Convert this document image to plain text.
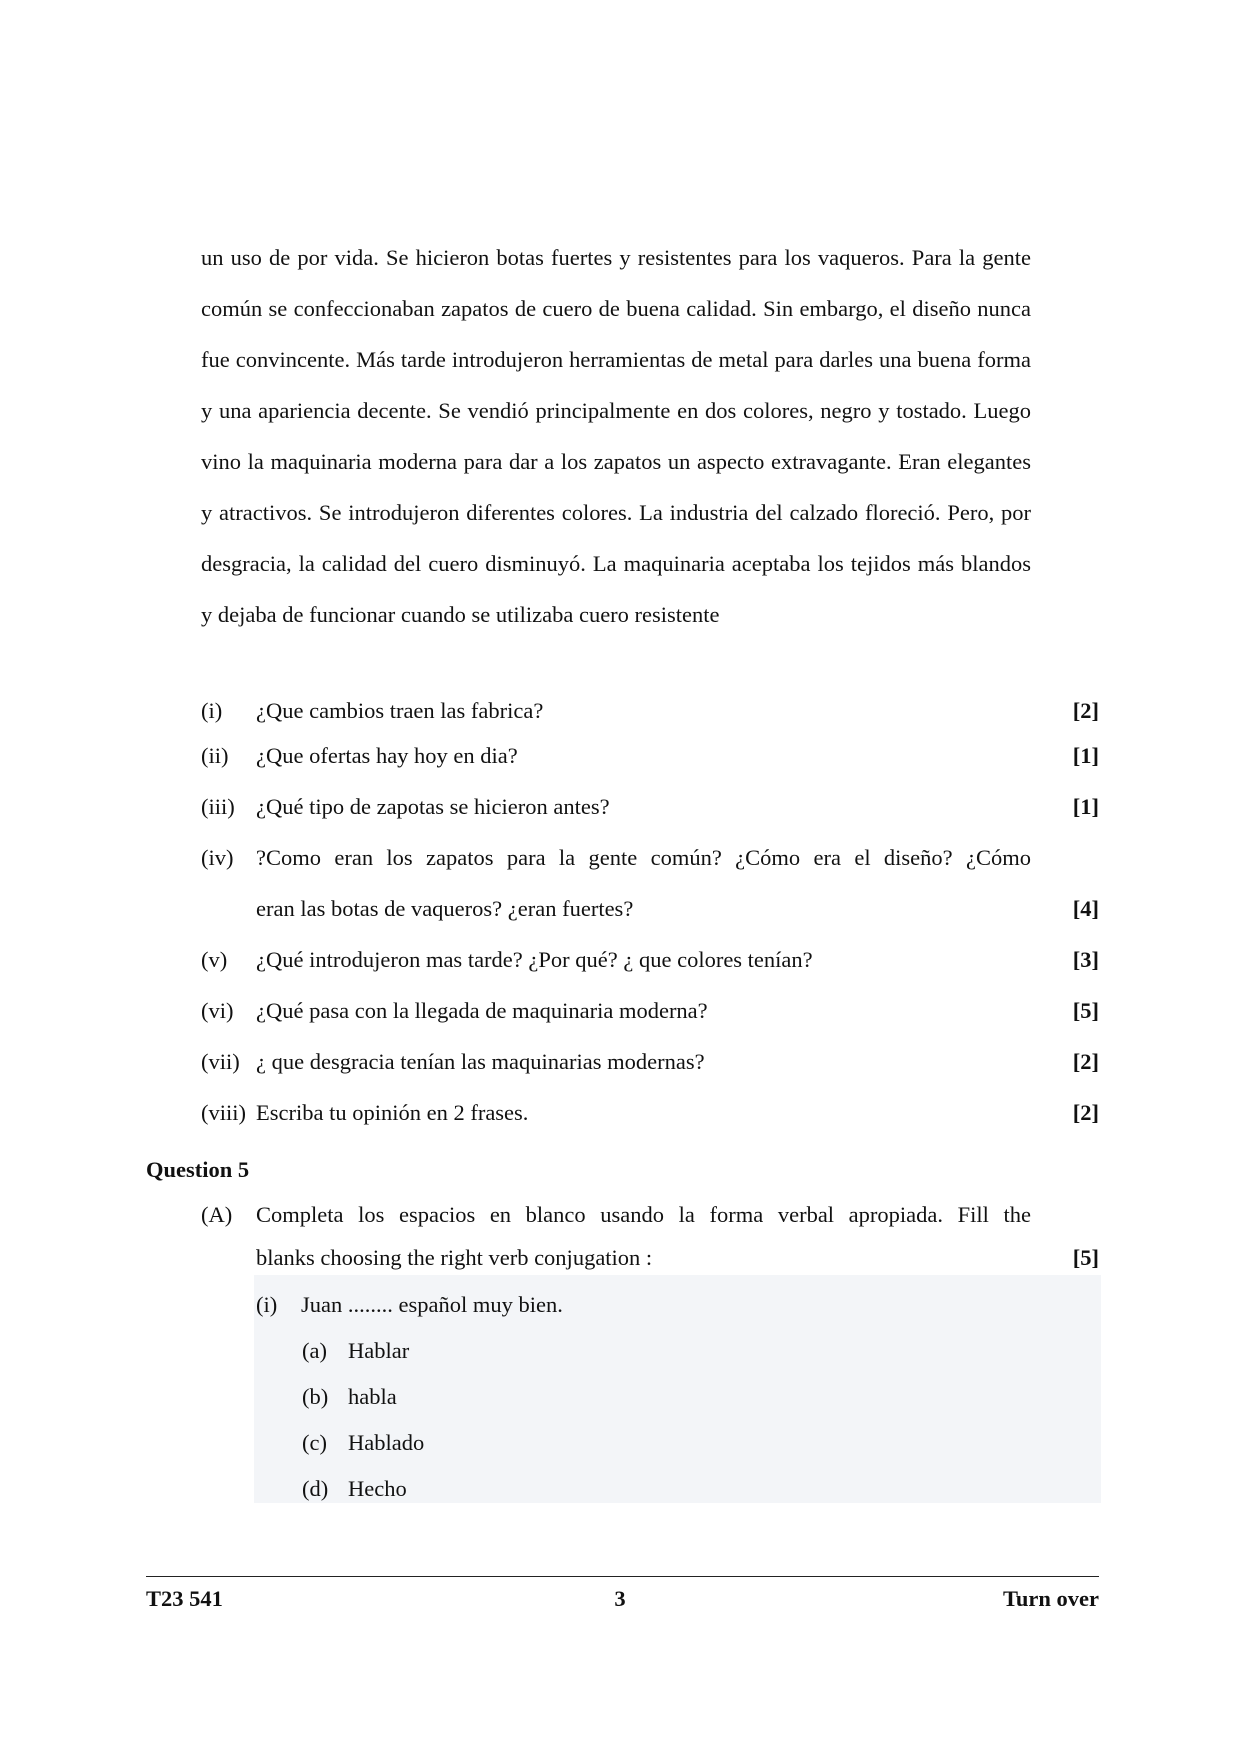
un uso de por vida. Se hicieron botas fuertes y resistentes para los vaqueros. Para la gente común se confeccionaban zapatos de cuero de buena calidad. Sin embargo, el diseño nunca fue convincente. Más tarde introdujeron herramientas de metal para darles una buena forma y una apariencia decente. Se vendió principalmente en dos colores, negro y tostado. Luego vino la maquinaria moderna para dar a los zapatos un aspecto extravagante. Eran elegantes y atractivos. Se introdujeron diferentes colores. La industria del calzado floreció. Pero, por desgracia, la calidad del cuero disminuyó. La maquinaria aceptaba los tejidos más blandos y dejaba de funcionar cuando se utilizaba cuero resistente

(i) ¿Que cambios traen las fabrica?	[2]
(ii) ¿Que ofertas hay hoy en dia?	[1]
(iii) ¿Qué tipo de zapotas se hicieron antes?	[1]
(iv) ?Como eran los zapatos para la gente común? ¿Cómo era el diseño? ¿Cómo
eran las botas de vaqueros? ¿eran fuertes?	[4]
(v) ¿Qué introdujeron mas tarde? ¿Por qué? ¿ que colores tenían?	[3]
(vi) ¿Qué pasa con la llegada de maquinaria moderna?	[5]
(vii) ¿ que desgracia tenían las maquinarias modernas?	[2]
(viii) Escriba tu opinión en 2 frases.	[2]
Question 5
(A) Completa los espacios en blanco usando la forma verbal apropiada. Fill the
blanks choosing the right verb conjugation :	[5]
(i) Juan ........ español muy bien.
(a) Hablar
(b) habla
(c) Hablado
(d) Hecho
T23 541	3	Turn over
